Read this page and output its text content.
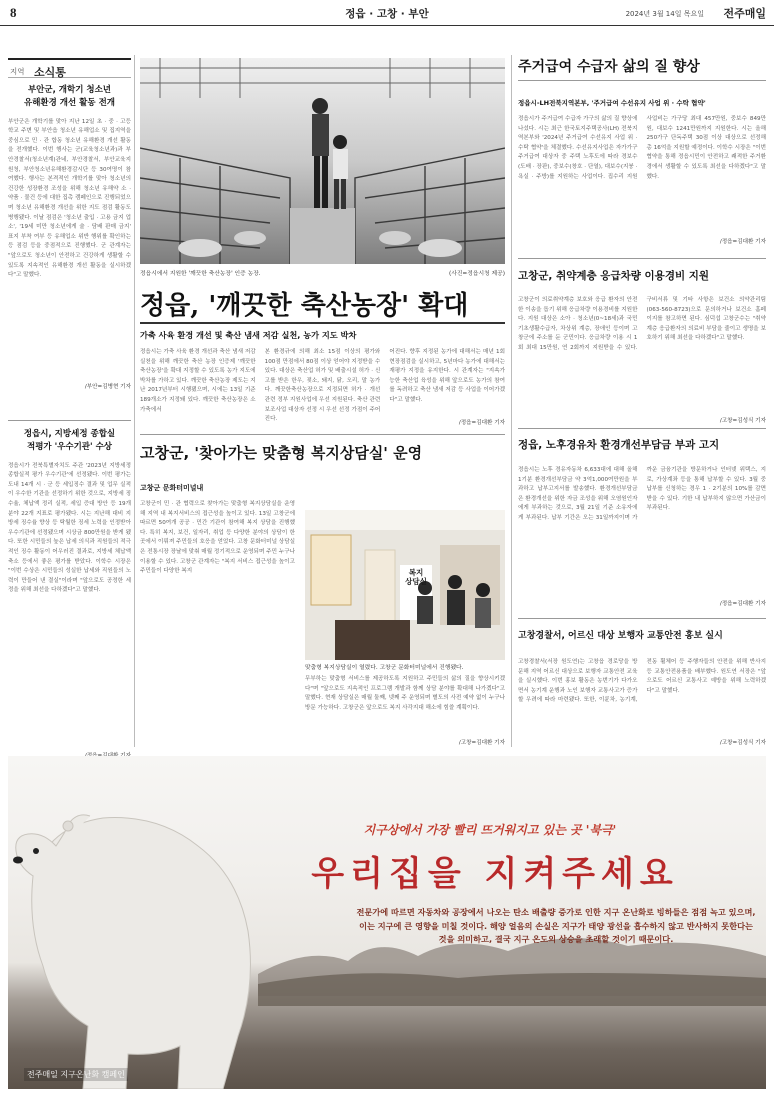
8	정읍 · 고창 · 부안	2024년 3월 14일 목요일 전주매일
지역 소식통
부안군, 개학기 청소년
유해환경 개선 활동 전개
부안군은 개학기를 맞아 지난 12일 초 · 중 · 고등학교 주변 및 부안읍 청소년 유해업소 및 집지역을 중심으로 민 · 관 합동 청소년 유해환경 개선 활동을 전개했다. 이번 행사는 군(교육청소년과)과 부안경찰서(청소년계)관네, 부안경찰서, 부안교육지원청, 부안청소년유해환경감시단 등 30여명이 참여했다. 행사는 본격적인 개학기를 맞아 청소년의 건강한 성장환경 조성을 위해 청소년 유해약 소 · 약품 · 물건 등에 대한 집촉 캠페인으로 진행되었으며 청소년 유해환경 개선을 위한 지도 점검 활동도 병행됐다. 이날 점검은 '청소년 출입 · 고용 금지 업소', '19세 미만 청소년에게 술 · 담배 판매 금지' 표지 부착 여부 등 유해업소 위반 행위를 확인하는 등 점검 등을 중점적으로 진행했다. 군 관계자는 "앞으로도 청소년이 안전하고 건강하게 생활할 수 있도록 지속적인 유해환경 개선 활동을 실시하겠다"고 말했다.
/부안=김병현 기자
정읍시, 지방세정 종합실
적평가 '우수기관' 수상
정읍시가 전북특별자치도 주관 '2023년 지방세정 종합실적 평가 우수기관'에 선정됐다. 이번 평가는 도내 14개 시 · 군 등 세입징수 결과 및 업무 실적이 우수한 기관을 선정하기 위한 것으로, 지방세 징수율, 체납액 정리 실적, 세입 증대 방안 등 19개 분야 22개 지표로 평가됐다. 시는 지난해 대비 지방세 징수율 향상 등 탁월한 징세 노력을 인정받아 우수기관에 선정됐으며 시상금 800만원을 받게 됐다. 또한 시민들의 높은 납세 의식과 직원들의 적극적인 징수 활동이 어우러진 결과로, 지방세 체납액 축소 등에서 좋은 평가를 받았다. 이학수 시장은 "이번 수상은 시민들의 성실한 납세와 직원들의 노력이 만들어 낸 결실"이라며 "앞으로도 공정한 세정을 위해 최선을 다하겠다"고 말했다.
정읍시에서 지원한 '깨끗한 축산농장' 인증 농장.	(사진=정읍시청 제공)
정읍, '깨끗한 축산농장' 확대
가축 사육 환경 개선 및 축산 냄새 저감 실천, 농가 지도 박차
정읍시는 가축 사육 환경 개선과 축산 냄새 저감 실천을 위해 깨끗한 축산 농장 인증제 '깨끗한 축산농장'을 확대 지정할 수 있도록 농가 지도에 박차를 가하고 있다. 깨끗한 축산농장 제도는 지난 2017년부터 시행됐으며, 시에는 13일 기준 189개소가 지정돼 있다. 깨끗한 축산농장은 소가축에서
본 환경규에 의해 최소 15점 이상의 평가와 100점 만점에서 80점 이상 얻어야 지정받을 수 있다. 대상은 축산업 허가 및 배출시설 허가 · 신고를 받은 한우, 젖소, 돼지, 닭, 오리, 말 농가다. 깨끗한축산농장으로 지정되면 허가 · 개선 관련 정부 지원사업에 우선 지원된다. 축산 관련 보조사업 대상자 선정 시 우선 선정 가점이 주어진다.
어진다. 향후 지정된 농가에 대해서는 매년 1회 현장점검을 실시하고, 5년마다 농가에 대해서는 재평가 지정을 유지한다. 시 관계자는 "지속가능한 축산업 육성을 위해 앞으로도 농가의 참여를 독려하고 축산 냄새 저감 등 사업을 이어가겠다"고 말했다.
/정읍=김대환 기자
고창군, '찾아가는 맞춤형 복지상담실' 운영
고창군 문화터미널내
고창군이 민 · 관 협력으로 찾아가는 맞춤형 복지상담실을 운영해 지역 내 복지서비스의 접근성을 높이고 있다. 13일 고창군에 따르면 50여개 공공 · 민간 기관이 참여해 복지 상담을 진행했다. 특히 복지, 보건, 일자리, 취업 등 다양한 분야의 상담이 한 곳에서 이뤄져 주민들의 호응을 얻었다. 고창 문화터미널 상담실은 전통시장 장날에 맞춰 매월 정기적으로 운영되며 주민 누구나 이용할 수 있다. 고창군 관계자는 "복지 서비스 접근성을 높이고 주민들이 다양한 복지	복지
상담실
맞춤형 복지상담실이 열렸다. 고창군 문화터미널에서 진행됐다.
무부하는 맞춤형 서비스를 제공하도록 지원하고 주민들의 삶의 질을 향상시키겠다"며 "앞으로도 지속적인 프로그램 개발과 함께 상담 분야를 확대해 나가겠다"고 말했다. 현재 상담실은 매월 둘째, 넷째 주 운영되며 별도의 사전 예약 없이 누구나 방문 가능하다. 고창군은 앞으로도 복지 사각지대 해소에 힘쓸 계획이다.
/고창=김대환 기자
주거급여 수급자 삶의 질 향상
정읍시-LH전북지역본부, '주거급여 수선유지 사업 위 · 수탁 협약'
정읍시가 주거급여 수급자 가구의 삶의 질 향상에 나섰다. 시는 최근 한국토지주택공사(LH) 전북지역본부와 '2024년 주거급여 수선유지 사업 위 · 수탁 협약'을 체결했다. 수선유지사업은 자가가구 주거급여 대상자 중 주택 노후도에 따라 경보수(도배 · 장판), 중보수(창호 · 단열), 대보수(지붕 · 욕실 · 주방)를 지원하는 사업이다. 집수리 지원 사업비는 가구당 최대 457만원, 중보수 849만원, 대보수 1241만원까지 지원한다. 시는 올해 250가구 단독주택 30점 이상 대상으로 선정해 총 16억을 지원할 예정이다. 이학수 시장은 "이번 협약을 통해 정읍시민이 안전하고 쾌적한 주거환경에서 생활할 수 있도록 최선을 다하겠다"고 말했다.
/정읍=김대환 기자
고창군, 취약계층 응급차량 이용경비 지원
고창군이 의료취약계층 보호와 응급 환자의 안전한 이송을 돕기 위해 응급차량 이용경비를 지원한다. 지원 대상은 소아 · 청소년(0~18세)과 국민기초생활수급자, 차상위 계층, 장애인 등이며 고창군에 주소를 둔 군민이다. 응급차량 이용 시 1회 최대 15만원, 연 2회까지 지원받을 수 있다. 구비서류 및 기타 사항은 보건소 의약관리팀(063-560-8723)으로 문의하거나 보건소 홈페이지를 참고하면 된다. 심덕섭 고창군수는 "취약계층 응급환자의 의료비 부담을 줄이고 생명을 보호하기 위해 최선을 다하겠다"고 말했다.
/고창=김성식 기자
정읍, 노후경유차 환경개선부담금 부과 고지
정읍시는 노후 경유자동차 6,633대에 대해 올해 1기분 환경개선부담금 약 3억1,000여만원을 부과하고 납부고지서를 발송했다. 환경개선부담금은 환경개선을 위한 자금 조성을 위해 오염원인자에게 부과하는 것으로, 3월 21일 기준 소유자에게 부과된다. 납부 기간은 오는 31일까지이며 가까운 금융기관을 방문하거나 인터넷 위택스, 지로, 가상계좌 등을 통해 납부할 수 있다. 3월 중 납부를 신청하는 경우 1 · 2기분의 10%를 감면받을 수 있다. 기한 내 납부하지 않으면 가산금이 부과된다.
/정읍=김대환 기자
고창경찰서, 어르신 대상 보행자 교통안전 홍보 실시
고창경찰서(서장 원도연)는 고창읍 경로당을 방문해 지역 어르신 대상으로 보행자 교통안전 교육을 실시했다. 이번 홍보 활동은 농번기가 다가오면서 농기계 운행과 노인 보행자 교통사고가 증가할 우려에 따라 마련됐다. 또한, 이륜차, 농기계, 전동 휠체어 등 주행자들의 안전을 위해 반사지 등 교통안전용품을 배부했다. 원도연 서장은 "앞으로도 어르신 교통사고 예방을 위해 노력하겠다"고 말했다.
/고창=김성식 기자
지구상에서 가장 빨리 뜨거워지고 있는 곳 '북극'
우리집을 지켜주세요
전문가에 따르면 자동차와 공장에서 나오는 탄소 배출량 증가로 인한 지구 온난화로 빙하들은 점점 녹고 있으며, 이는 지구에 큰 영향을 미칠 것이다. 해양 얼음의 손실은 지구가 태양 광선을 흡수하지 않고 반사하지 못한다는 것을 의미하고, 결국 지구 온도의 상승을 초래할 것이기 때문이다.
전주매일 지구온난화 캠페인
